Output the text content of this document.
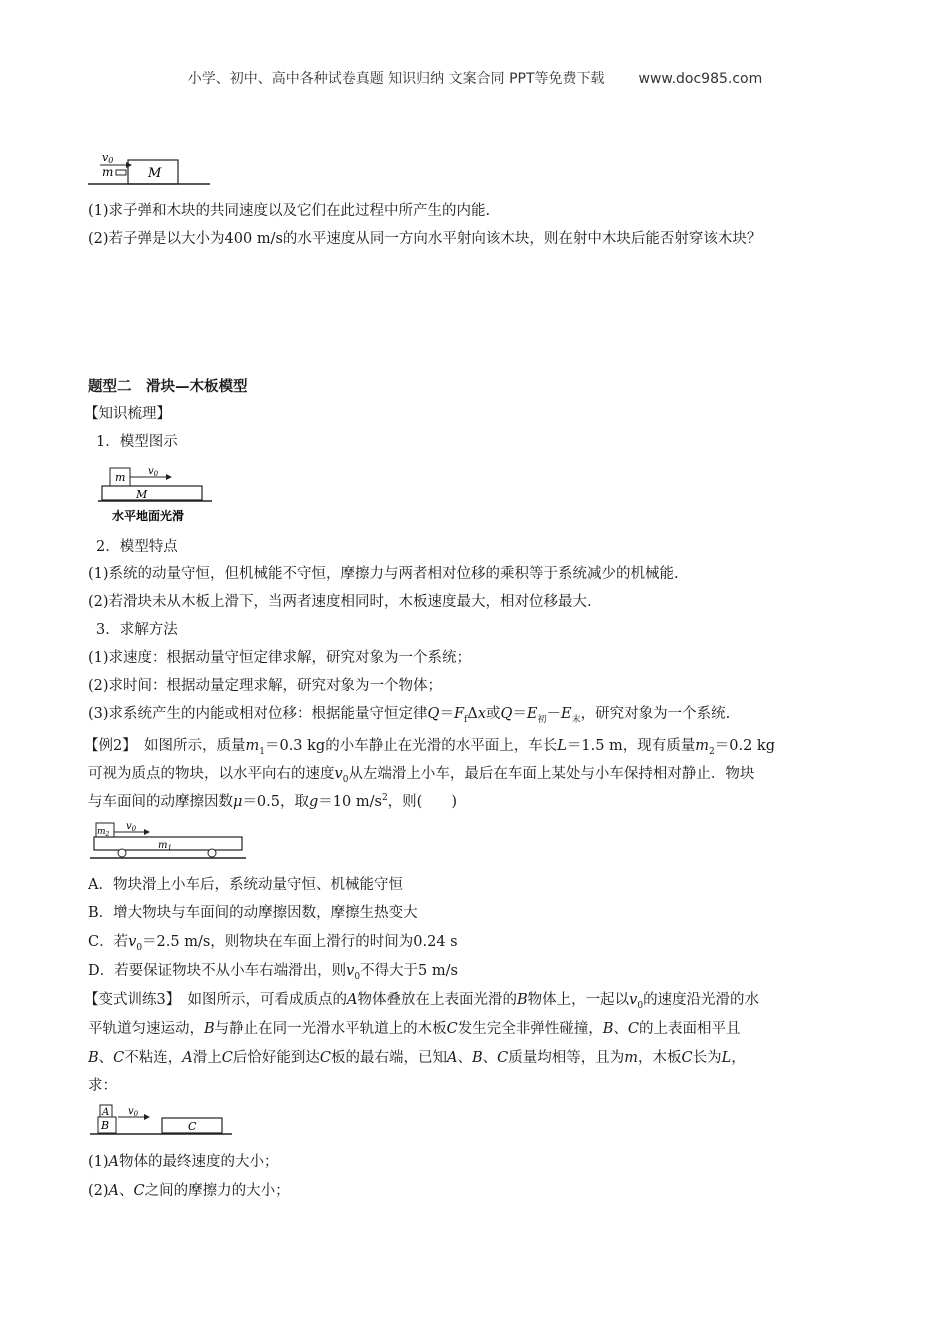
小学、初中、高中各种试卷真题 知识归纳 文案合同 PPT等免费下载 www.doc985.com
v0
m	M
(1)求子弹和木块的共同速度以及它们在此过程中所产生的内能.
(2)若子弹是以大小为400 m/s的水平速度从同一方向水平射向该木块，则在射中木块后能否射穿该木块？
题型二　滑块—木板模型
【知识梳理】
1．模型图示
m $v_0$
M
水平地面光滑
2．模型特点
(1)系统的动量守恒，但机械能不守恒，摩擦力与两者相对位移的乘积等于系统减少的机械能.
(2)若滑块未从木板上滑下，当两者速度相同时，木板速度最大，相对位移最大.
3．求解方法
(1)求速度：根据动量守恒定律求解，研究对象为一个系统；
(2)求时间：根据动量定理求解，研究对象为一个物体；
(3)求系统产生的内能或相对位移：根据能量守恒定律$Q=F_f\Delta x$或$Q=E_初-E_末$，研究对象为一个系统.
【例2】　如图所示，质量$m_1=0.3$ kg的小车静止在光滑的水平面上，车长L＝1.5 m，现有质量$m_2=0.2$ kg
可视为质点的物块，以水平向右的速度$v_0$从左端滑上小车，最后在车面上某处与小车保持相对静止．物块
与车面间的动摩擦因数μ＝0.5，取g＝10 $m/s^2$，则(　　)
$m_2$
$v_0$
$m_1$
A．物块滑上小车后，系统动量守恒、机械能守恒
B．增大物块与车面间的动摩擦因数，摩擦生热变大
C．若$v_0=2.5$ m/s，则物块在车面上滑行的时间为0.24 s
D．若要保证物块不从小车右端滑出，则$v_0$不得大于5 m/s
【变式训练3】　如图所示，可看成质点的A物体叠放在上表面光滑的B物体上，一起以$v_0$的速度沿光滑的水
平轨道匀速运动，B与静止在同一光滑水平轨道上的木板C发生完全非弹性碰撞，B、C的上表面相平且
B、C不粘连，A滑上C后恰好能到达C板的最右端，已知A、B、C质量均相等，且为m，木板C长为L，
求：
A
B
$v_0$
C
(1)A物体的最终速度的大小；
(2)A、C之间的摩擦力的大小；
